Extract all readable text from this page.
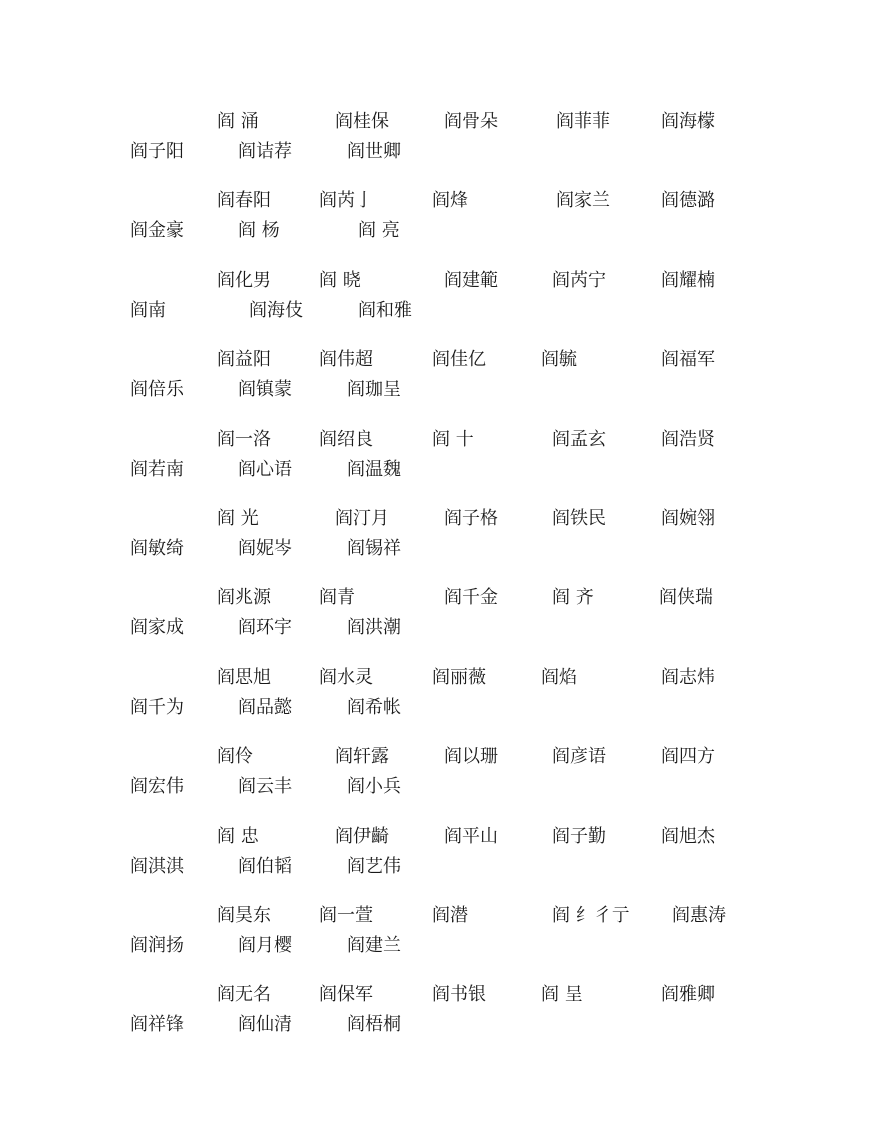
阎 涌	阎桂保	阎骨朵	阎菲菲	阎海檬
阎子阳	阎诘荐	阎世卿
阎春阳	阎芮亅	阎烽	阎家兰	阎德潞
阎金豪	阎 杨	阎 亮
阎化男	阎 晓	阎建範	阎芮宁	阎耀楠
阎南	阎海伎	阎和雅
阎益阳	阎伟超	阎佳亿	阎毓	阎福军
阎倍乐	阎镇蒙	阎珈呈
阎一洛	阎绍良	阎 十	阎孟玄	阎浩贤
阎若南	阎心语	阎温魏
阎 光	阎汀月	阎子格	阎铁民	阎婉翎
阎敏绮	阎妮岑	阎锡祥
阎兆源	阎青	阎千金	阎 齐	阎侠瑞
阎家成	阎环宇	阎洪潮
阎思旭	阎水灵	阎丽薇	阎焰	阎志炜
阎千为	阎品懿	阎希帐
阎伶	阎轩露	阎以珊	阎彦语	阎四方
阎宏伟	阎云丰	阎小兵
阎 忠	阎伊齮	阎平山	阎子勤	阎旭杰
阎淇淇	阎伯韬	阎艺伟
阎昊东	阎一萱	阎潜	阎 纟彳亍 阎惠涛
阎润扬	阎月樱	阎建兰
阎无名	阎保军	阎书银	阎 呈	阎雅卿
阎祥锋	阎仙清	阎梧桐
